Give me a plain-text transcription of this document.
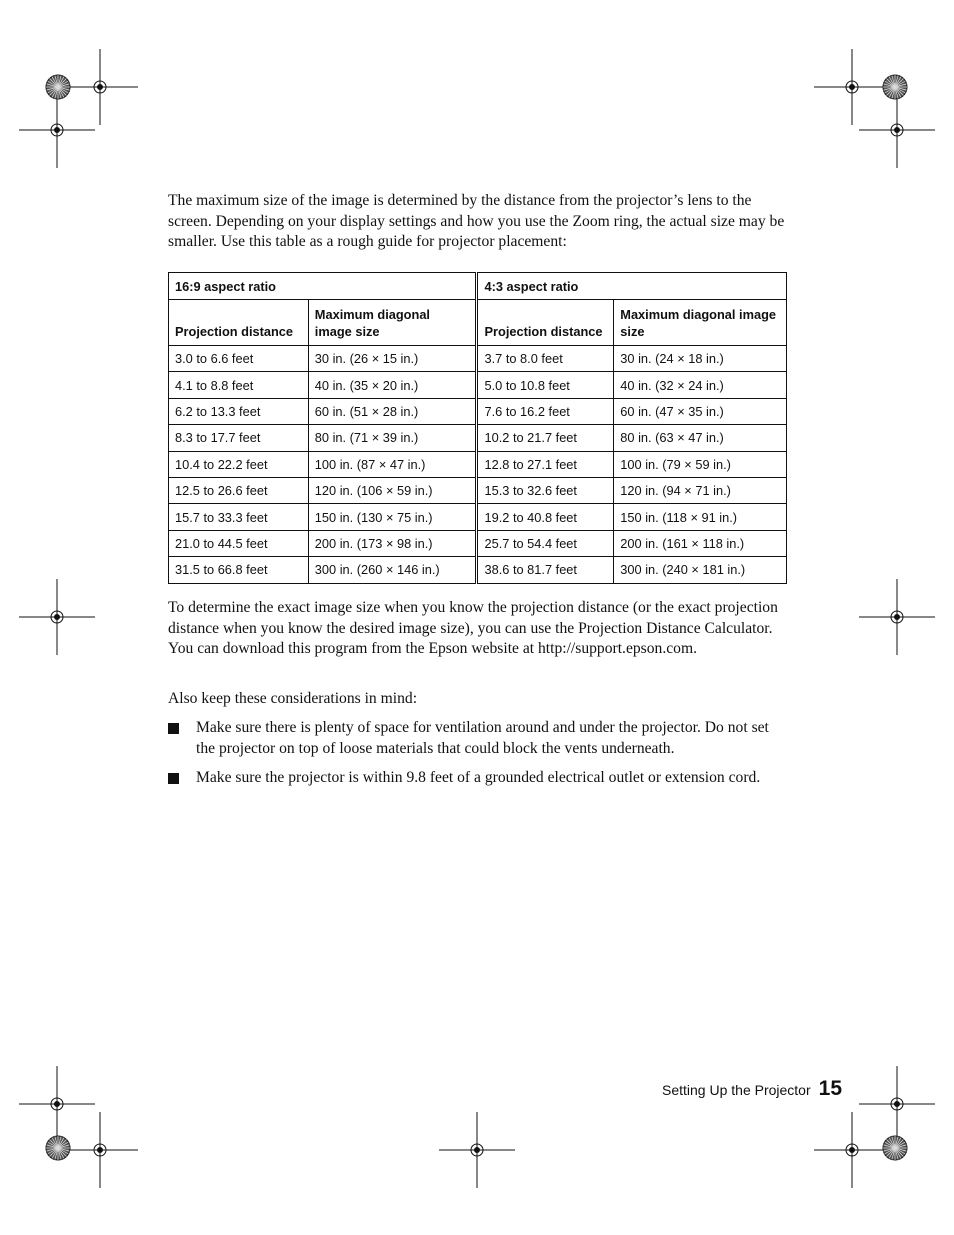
The maximum size of the image is determined by the distance from the projector’s lens to the screen. Depending on your display settings and how you use the Zoom ring, the actual size may be smaller. Use this table as a rough guide for projector placement:

16:9 aspect ratio		4:3 aspect ratio	
Projection distance	Maximum diagonal image size	Projection distance	Maximum diagonal image size
3.0 to 6.6 feet	30 in. (26 × 15 in.)	3.7 to 8.0 feet	30 in. (24 × 18 in.)
4.1 to 8.8 feet	40 in. (35 × 20 in.)	5.0 to 10.8 feet	40 in. (32 × 24 in.)
6.2 to 13.3 feet	60 in. (51 × 28 in.)	7.6 to 16.2 feet	60 in. (47 × 35 in.)
8.3 to 17.7 feet	80 in. (71 × 39 in.)	10.2 to 21.7 feet	80 in. (63 × 47 in.)
10.4 to 22.2 feet	100 in. (87 × 47 in.)	12.8 to 27.1 feet	100 in. (79 × 59 in.)
12.5 to 26.6 feet	120 in. (106 × 59 in.)	15.3 to 32.6 feet	120 in. (94 × 71 in.)
15.7 to 33.3 feet	150 in. (130 × 75 in.)	19.2 to 40.8 feet	150 in. (118 × 91 in.)
21.0 to 44.5 feet	200 in. (173 × 98 in.)	25.7 to 54.4 feet	200 in. (161 × 118 in.)
31.5 to 66.8 feet	300 in. (260 × 146 in.)	38.6 to 81.7 feet	300 in. (240 × 181 in.)

To determine the exact image size when you know the projection distance (or the exact projection distance when you know the desired image size), you can use the Projection Distance Calculator. You can download this program from the Epson website at http://support.epson.com.

Also keep these considerations in mind:

Make sure there is plenty of space for ventilation around and under the projector. Do not set the projector on top of loose materials that could block the vents underneath.
Make sure the projector is within 9.8 feet of a grounded electrical outlet or extension cord.
Setting Up the Projector 15
